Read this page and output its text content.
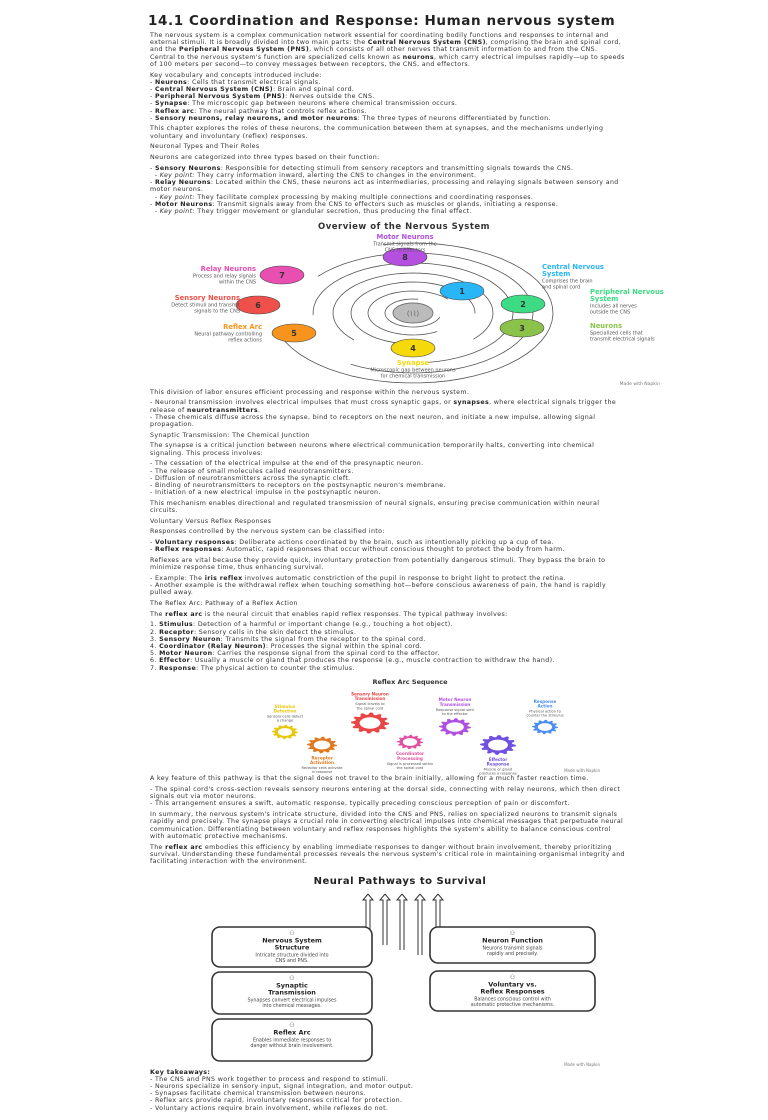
14.1 Coordination and Response: Human nervous system

The nervous system is a complex communication network essential for coordinating bodily functions and responses to internal and external stimuli. It is broadly divided into two main parts: the Central Nervous System (CNS), comprising the brain and spinal cord, and the Peripheral Nervous System (PNS), which consists of all other nerves that transmit information to and from the CNS. Central to the nervous system's function are specialized cells known as neurons, which carry electrical impulses rapidly—up to speeds of 100 meters per second—to convey messages between receptors, the CNS, and effectors.

Key vocabulary and concepts introduced include:
- Neurons: Cells that transmit electrical signals.
- Central Nervous System (CNS): Brain and spinal cord.
- Peripheral Nervous System (PNS): Nerves outside the CNS.
- Synapse: The microscopic gap between neurons where chemical transmission occurs.
- Reflex arc: The neural pathway that controls reflex actions.
- Sensory neurons, relay neurons, and motor neurons: The three types of neurons differentiated by function.

This chapter explores the roles of these neurons, the communication between them at synapses, and the mechanisms underlying voluntary and involuntary (reflex) responses.

Neuronal Types and Their Roles

Neurons are categorized into three types based on their function:

- Sensory Neurons: Responsible for detecting stimuli from sensory receptors and transmitting signals towards the CNS.
- Key point: They carry information inward, alerting the CNS to changes in the environment.
- Relay Neurons: Located within the CNS, these neurons act as intermediaries, processing and relaying signals between sensory and motor neurons.
- Key point: They facilitate complex processing by making multiple connections and coordinating responses.
- Motor Neurons: Transmit signals away from the CNS to effectors such as muscles or glands, initiating a response.
- Key point: They trigger movement or glandular secretion, thus producing the final effect.

Overview of the Nervous System
(⌇⌇)
1
Central Nervous System
Comprises the brain and spinal cord
2
Peripheral Nervous System
Includes all nerves outside the CNS
3	Neurons
Specialized cells that transmit electrical signals
4
Synapse
Microscopic gap between neurons for chemical transmission
5
Reflex Arc
Neural pathway controlling reflex actions
6
Sensory Neurons
Detect stimuli and transmit signals to the CNS
7
Relay Neurons
Process and relay signals within the CNS
8
Motor Neurons
Transmit signals from the CNS to effectors
Made with Napkin

This division of labor ensures efficient processing and response within the nervous system.

- Neuronal transmission involves electrical impulses that must cross synaptic gaps, or synapses, where electrical signals trigger the release of neurotransmitters.
- These chemicals diffuse across the synapse, bind to receptors on the next neuron, and initiate a new impulse, allowing signal propagation.

Synaptic Transmission: The Chemical Junction

The synapse is a critical junction between neurons where electrical communication temporarily halts, converting into chemical signaling. This process involves:

- The cessation of the electrical impulse at the end of the presynaptic neuron.
- The release of small molecules called neurotransmitters.
- Diffusion of neurotransmitters across the synaptic cleft.
- Binding of neurotransmitters to receptors on the postsynaptic neuron's membrane.
- Initiation of a new electrical impulse in the postsynaptic neuron.

This mechanism enables directional and regulated transmission of neural signals, ensuring precise communication within neural circuits.

Voluntary Versus Reflex Responses

Responses controlled by the nervous system can be classified into:

- Voluntary responses: Deliberate actions coordinated by the brain, such as intentionally picking up a cup of tea.
- Reflex responses: Automatic, rapid responses that occur without conscious thought to protect the body from harm.

Reflexes are vital because they provide quick, involuntary protection from potentially dangerous stimuli. They bypass the brain to minimize response time, thus enhancing survival.

- Example: The iris reflex involves automatic constriction of the pupil in response to bright light to protect the retina.
- Another example is the withdrawal reflex when touching something hot—before conscious awareness of pain, the hand is rapidly pulled away.

The Reflex Arc: Pathway of a Reflex Action

The reflex arc is the neural circuit that enables rapid reflex responses. The typical pathway involves:

1. Stimulus: Detection of a harmful or important change (e.g., touching a hot object).
2. Receptor: Sensory cells in the skin detect the stimulus.
3. Sensory Neuron: Transmits the signal from the receptor to the spinal cord.
4. Coordinator (Relay Neuron): Processes the signal within the spinal cord.
5. Motor Neuron: Carries the response signal from the spinal cord to the effector.
6. Effector: Usually a muscle or gland that produces the response (e.g., muscle contraction to withdraw the hand).
7. Response: The physical action to counter the stimulus.

Reflex Arc Sequence
Stimulus Detection
Sensory cells detect a change
Receptor Activation
Receptor cells activate in response
Sensory Neuron Transmission
Signal travels to the spinal cord
Coordinator Processing
Signal is processed within the spinal cord
Motor Neuron Transmission
Response signal sent to the effector
Effector Response
Muscle or gland produces a response
Response Action
Physical action to counter the stimulus
Made with Napkin

A key feature of this pathway is that the signal does not travel to the brain initially, allowing for a much faster reaction time.

- The spinal cord's cross-section reveals sensory neurons entering at the dorsal side, connecting with relay neurons, which then direct signals out via motor neurons.
- This arrangement ensures a swift, automatic response, typically preceding conscious perception of pain or discomfort.

In summary, the nervous system's intricate structure, divided into the CNS and PNS, relies on specialized neurons to transmit signals rapidly and precisely. The synapse plays a crucial role in converting electrical impulses into chemical messages that perpetuate neural communication. Differentiating between voluntary and reflex responses highlights the system's ability to balance conscious control with automatic protective mechanisms.

The reflex arc embodies this efficiency by enabling immediate responses to danger without brain involvement, thereby prioritizing survival. Understanding these fundamental processes reveals the nervous system's critical role in maintaining organismal integrity and facilitating interaction with the environment.

Neural Pathways to Survival
⚇
Nervous System Structure
Intricate structure divided into CNS and PNS.
⚇
Synaptic Transmission
Synapses convert electrical impulses into chemical messages.
⚇
Reflex Arc
Enables immediate responses to danger without brain involvement.
⚇
Neuron Function
Neurons transmit signals rapidly and precisely.
⚇
Voluntary vs. Reflex Responses
Balances conscious control with automatic protective mechanisms.
Made with Napkin
Key takeaways:
- The CNS and PNS work together to process and respond to stimuli.
- Neurons specialize in sensory input, signal integration, and motor output.
- Synapses facilitate chemical transmission between neurons.
- Reflex arcs provide rapid, involuntary responses critical for protection.
- Voluntary actions require brain involvement, while reflexes do not.
